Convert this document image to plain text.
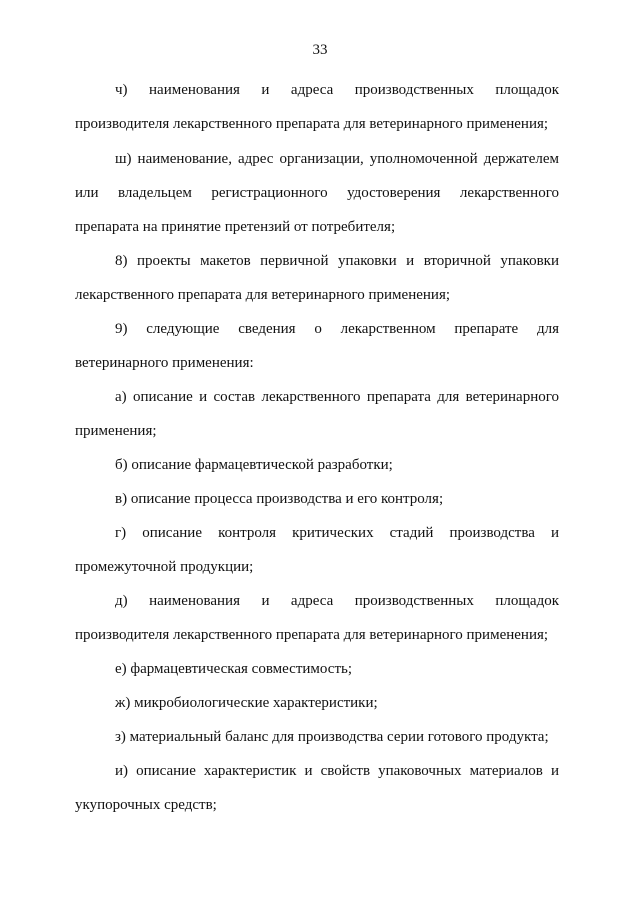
33

ч) наименования и адреса производственных площадок производителя лекарственного препарата для ветеринарного применения;

ш) наименование, адрес организации, уполномоченной держателем или владельцем регистрационного удостоверения лекарственного препарата на принятие претензий от потребителя;

8) проекты макетов первичной упаковки и вторичной упаковки лекарственного препарата для ветеринарного применения;

9) следующие сведения о лекарственном препарате для ветеринарного применения:

а) описание и состав лекарственного препарата для ветеринарного применения;

б) описание фармацевтической разработки;

в) описание процесса производства и его контроля;

г) описание контроля критических стадий производства и промежуточной продукции;

д) наименования и адреса производственных площадок производителя лекарственного препарата для ветеринарного применения;

е) фармацевтическая совместимость;

ж) микробиологические характеристики;

з) материальный баланс для производства серии готового продукта;

и) описание характеристик и свойств упаковочных материалов и укупорочных средств;
